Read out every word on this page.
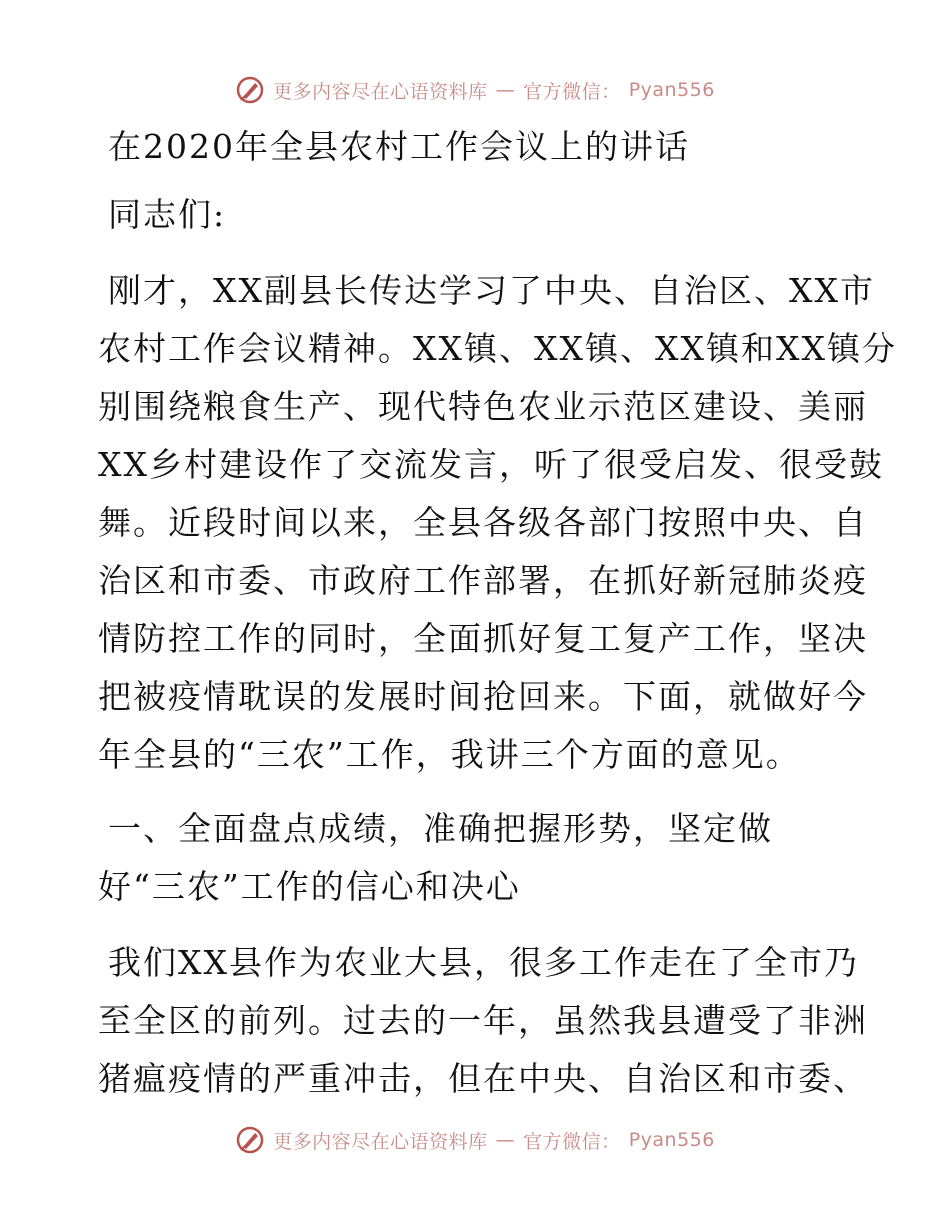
更多内容尽在心语资料库 — 官方微信： Pyan556
在2020年全县农村工作会议上的讲话
同志们:
刚才，XX副县长传达学习了中央、自治区、XX市
农村工作会议精神。XX镇、XX镇、XX镇和XX镇分
别围绕粮食生产、现代特色农业示范区建设、美丽
XX乡村建设作了交流发言，听了很受启发、很受鼓
舞。近段时间以来，全县各级各部门按照中央、自
治区和市委、市政府工作部署，在抓好新冠肺炎疫
情防控工作的同时，全面抓好复工复产工作，坚决
把被疫情耽误的发展时间抢回来。下面，就做好今
年全县的“三农”工作，我讲三个方面的意见。
一、全面盘点成绩，准确把握形势，坚定做
好“三农”工作的信心和决心
我们XX县作为农业大县，很多工作走在了全市乃
至全区的前列。过去的一年，虽然我县遭受了非洲
猪瘟疫情的严重冲击，但在中央、自治区和市委、
更多内容尽在心语资料库 — 官方微信： Pyan556
